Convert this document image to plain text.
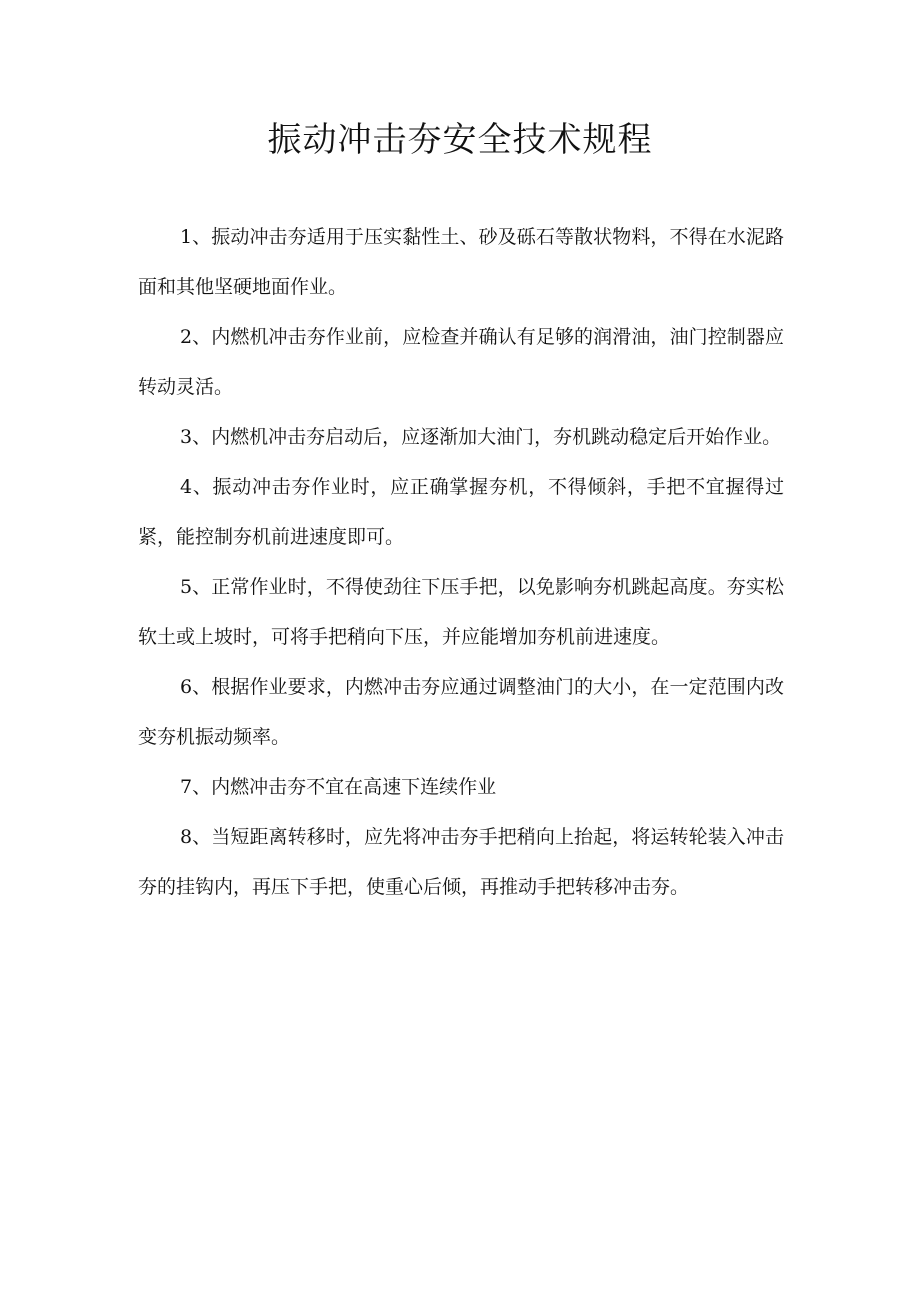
振动冲击夯安全技术规程

1、振动冲击夯适用于压实黏性土、砂及砾石等散状物料，不得在水泥路面和其他坚硬地面作业。

2、内燃机冲击夯作业前，应检查并确认有足够的润滑油，油门控制器应转动灵活。

3、内燃机冲击夯启动后，应逐渐加大油门，夯机跳动稳定后开始作业。

4、振动冲击夯作业时，应正确掌握夯机，不得倾斜，手把不宜握得过紧，能控制夯机前进速度即可。

5、正常作业时，不得使劲往下压手把，以免影响夯机跳起高度。夯实松软土或上坡时，可将手把稍向下压，并应能增加夯机前进速度。

6、根据作业要求，内燃冲击夯应通过调整油门的大小，在一定范围内改变夯机振动频率。

7、内燃冲击夯不宜在高速下连续作业

8、当短距离转移时，应先将冲击夯手把稍向上抬起，将运转轮装入冲击夯的挂钩内，再压下手把，使重心后倾，再推动手把转移冲击夯。
